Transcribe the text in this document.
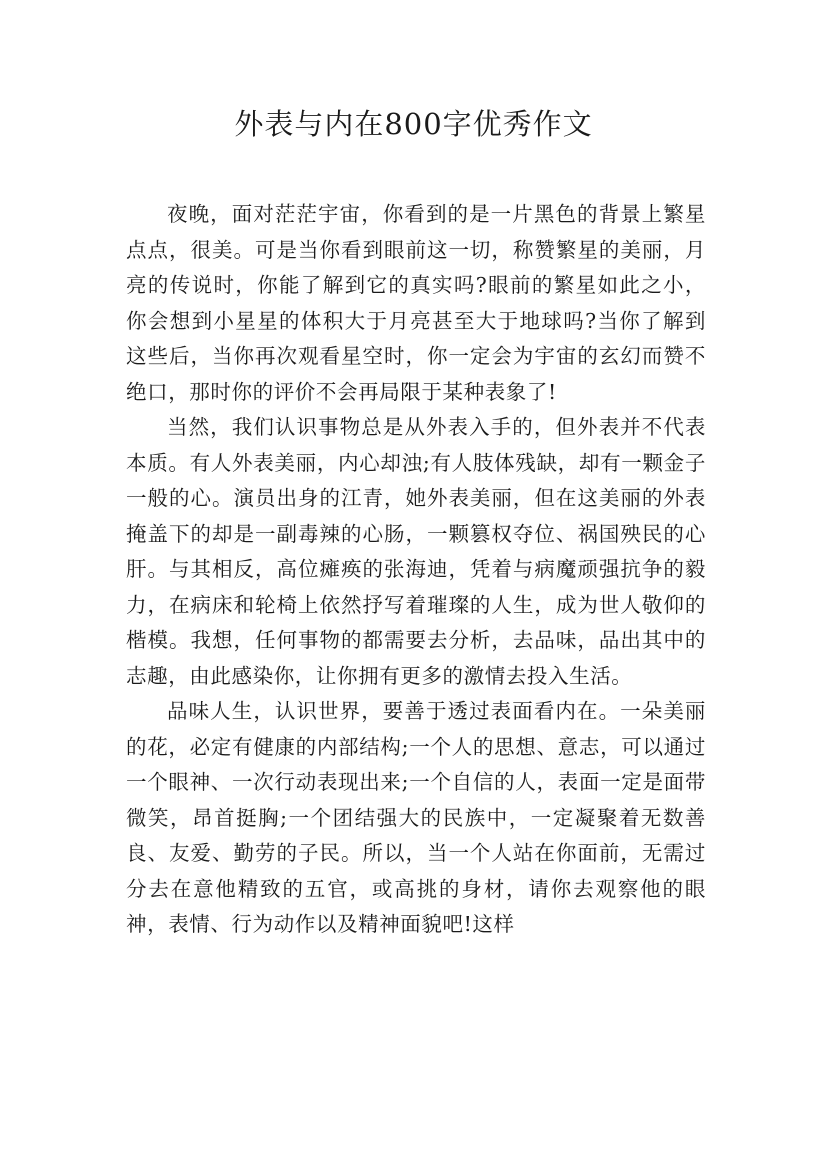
外表与内在800字优秀作文

夜晚，面对茫茫宇宙，你看到的是一片黑色的背景上繁星点点，很美。可是当你看到眼前这一切，称赞繁星的美丽，月亮的传说时，你能了解到它的真实吗?眼前的繁星如此之小，你会想到小星星的体积大于月亮甚至大于地球吗?当你了解到这些后，当你再次观看星空时，你一定会为宇宙的玄幻而赞不绝口，那时你的评价不会再局限于某种表象了!

当然，我们认识事物总是从外表入手的，但外表并不代表本质。有人外表美丽，内心却浊;有人肢体残缺，却有一颗金子一般的心。演员出身的江青，她外表美丽，但在这美丽的外表掩盖下的却是一副毒辣的心肠，一颗篡权夺位、祸国殃民的心肝。与其相反，高位瘫痪的张海迪，凭着与病魔顽强抗争的毅力，在病床和轮椅上依然抒写着璀璨的人生，成为世人敬仰的楷模。我想，任何事物的都需要去分析，去品味，品出其中的志趣，由此感染你，让你拥有更多的激情去投入生活。

品味人生，认识世界，要善于透过表面看内在。一朵美丽的花，必定有健康的内部结构;一个人的思想、意志，可以通过一个眼神、一次行动表现出来;一个自信的人，表面一定是面带微笑，昂首挺胸;一个团结强大的民族中，一定凝聚着无数善良、友爱、勤劳的子民。所以，当一个人站在你面前，无需过分去在意他精致的五官，或高挑的身材，请你去观察他的眼神，表情、行为动作以及精神面貌吧!这样
